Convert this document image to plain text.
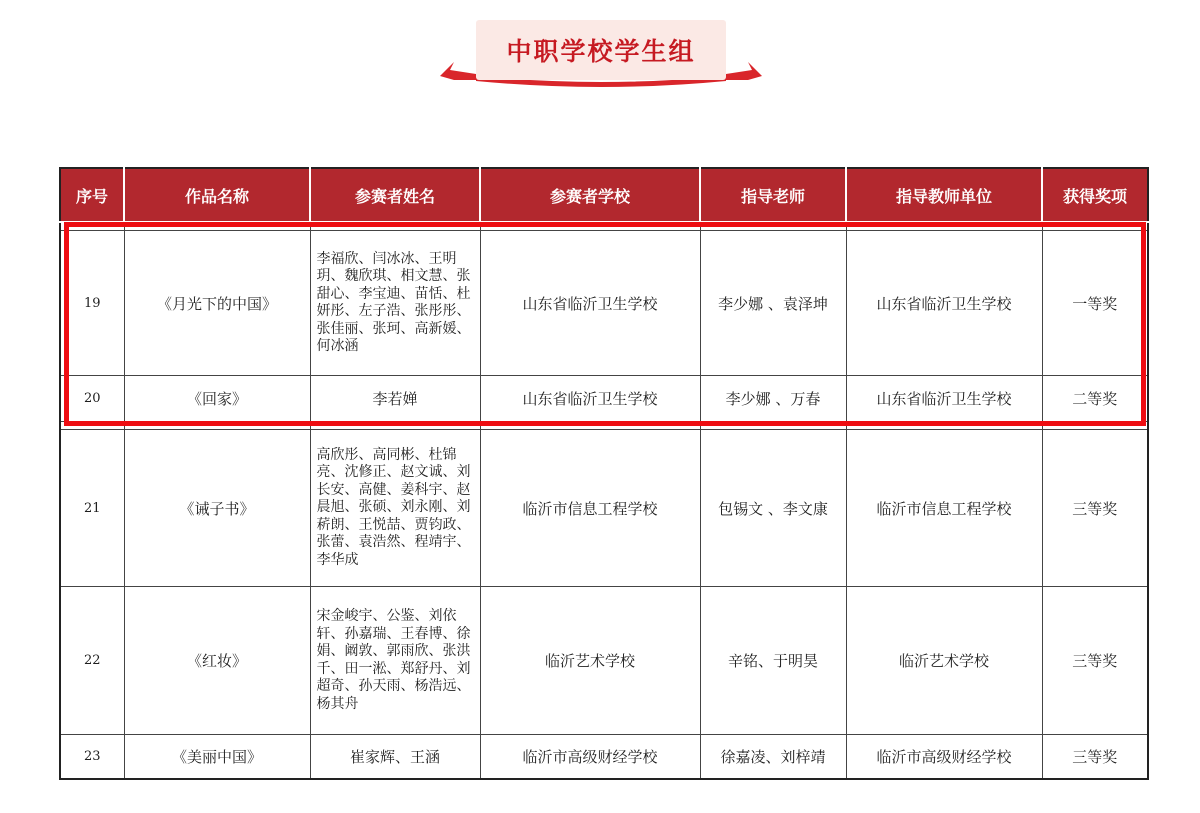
中职学校学生组
序号	作品名称	参赛者姓名	参赛者学校	指导老师	指导教师单位	获得奖项

19	《月光下的中国》	李福欣、闫冰冰、王明玥、魏欣琪、相文慧、张甜心、李宝迪、苗恬、杜妍彤、左子浩、张彤彤、张佳丽、张珂、高新媛、何冰涵	山东省临沂卫生学校	李少娜 、袁泽坤	山东省临沂卫生学校	一等奖
20	《回家》	李若婵	山东省临沂卫生学校	李少娜 、万春	山东省临沂卫生学校	二等奖

21	《诫子书》	高欣彤、高同彬、杜锦亮、沈修正、赵文诚、刘长安、高健、姜科宇、赵晨旭、张硕、刘永刚、刘菥朗、王悦喆、贾钧政、张蕾、袁浩然、程靖宇、李华成	临沂市信息工程学校	包锡文 、李文康	临沂市信息工程学校	三等奖
22	《红妆》	宋金峻宇、公鉴、刘依轩、孙嘉瑞、王春博、徐娟、阚敦、郭雨欣、张洪千、田一淞、郑舒丹、刘超奇、孙天雨、杨浩远、杨其舟	临沂艺术学校	辛铭、于明昊	临沂艺术学校	三等奖
23	《美丽中国》	崔家辉、王涵	临沂市高级财经学校	徐嘉凌、刘梓靖	临沂市高级财经学校	三等奖
